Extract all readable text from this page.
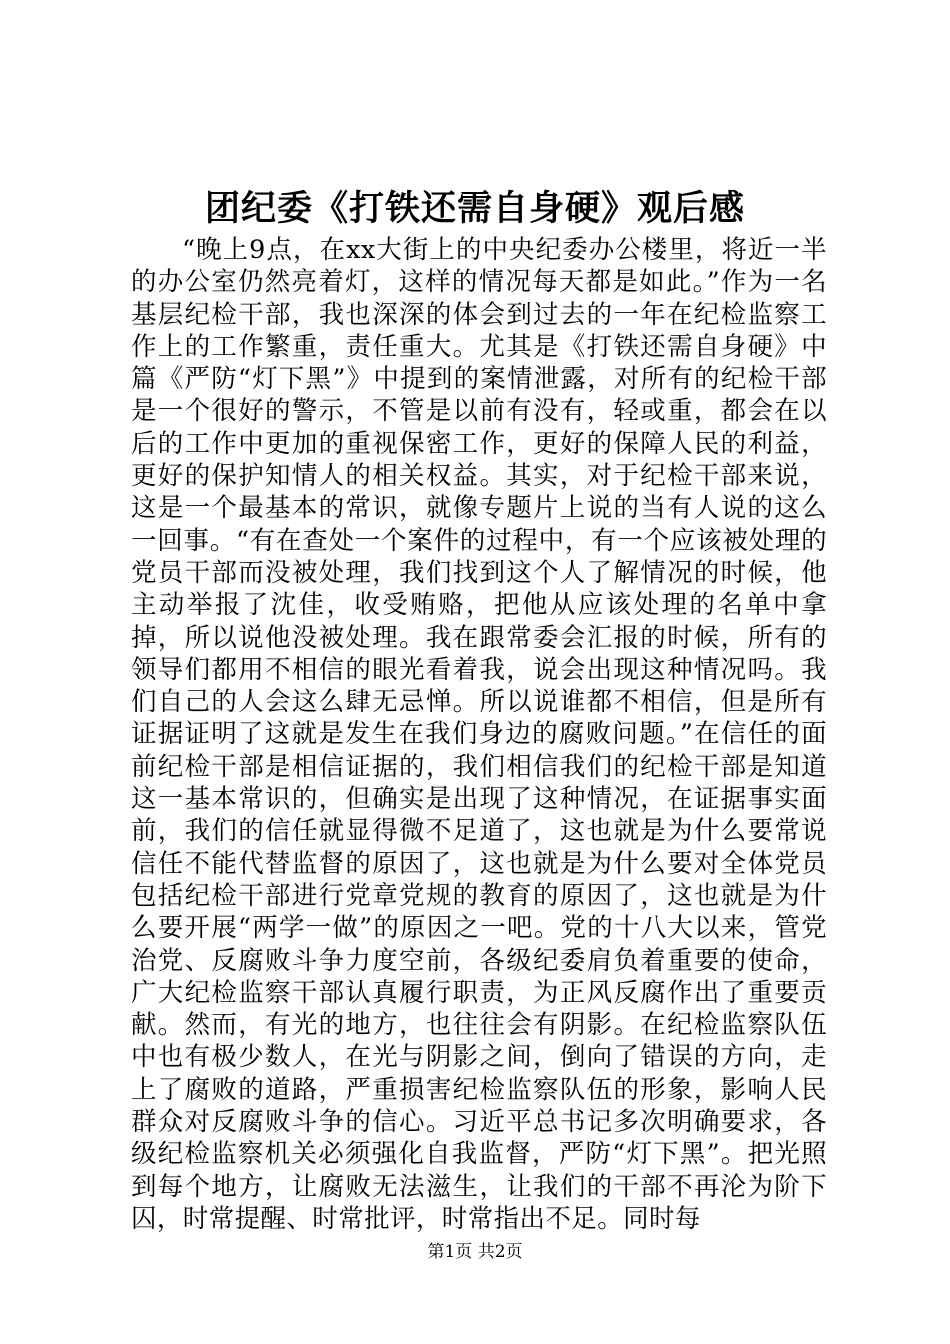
团纪委《打铁还需自身硬》观后感

“晚上9点，在xx大街上的中央纪委办公楼里，将近一半的办公室仍然亮着灯，这样的情况每天都是如此。”作为一名基层纪检干部，我也深深的体会到过去的一年在纪检监察工作上的工作繁重，责任重大。尤其是《打铁还需自身硬》中篇《严防“灯下黑”》中提到的案情泄露，对所有的纪检干部是一个很好的警示，不管是以前有没有，轻或重，都会在以后的工作中更加的重视保密工作，更好的保障人民的利益，更好的保护知情人的相关权益。其实，对于纪检干部来说，这是一个最基本的常识，就像专题片上说的当有人说的这么一回事。“有在查处一个案件的过程中，有一个应该被处理的党员干部而没被处理，我们找到这个人了解情况的时候，他主动举报了沈佳，收受贿赂，把他从应该处理的名单中拿掉，所以说他没被处理。我在跟常委会汇报的时候，所有的领导们都用不相信的眼光看着我，说会出现这种情况吗。我们自己的人会这么肆无忌惮。所以说谁都不相信，但是所有证据证明了这就是发生在我们身边的腐败问题。”在信任的面前纪检干部是相信证据的，我们相信我们的纪检干部是知道这一基本常识的，但确实是出现了这种情况，在证据事实面前，我们的信任就显得微不足道了，这也就是为什么要常说信任不能代替监督的原因了，这也就是为什么要对全体党员包括纪检干部进行党章党规的教育的原因了，这也就是为什么要开展“两学一做”的原因之一吧。党的十八大以来，管党治党、反腐败斗争力度空前，各级纪委肩负着重要的使命，广大纪检监察干部认真履行职责，为正风反腐作出了重要贡献。然而，有光的地方，也往往会有阴影。在纪检监察队伍中也有极少数人，在光与阴影之间，倒向了错误的方向，走上了腐败的道路，严重损害纪检监察队伍的形象，影响人民群众对反腐败斗争的信心。习近平总书记多次明确要求，各级纪检监察机关必须强化自我监督，严防“灯下黑”。把光照到每个地方，让腐败无法滋生，让我们的干部不再沦为阶下囚，时常提醒、时常批评，时常指出不足。同时每

第1页 共2页
